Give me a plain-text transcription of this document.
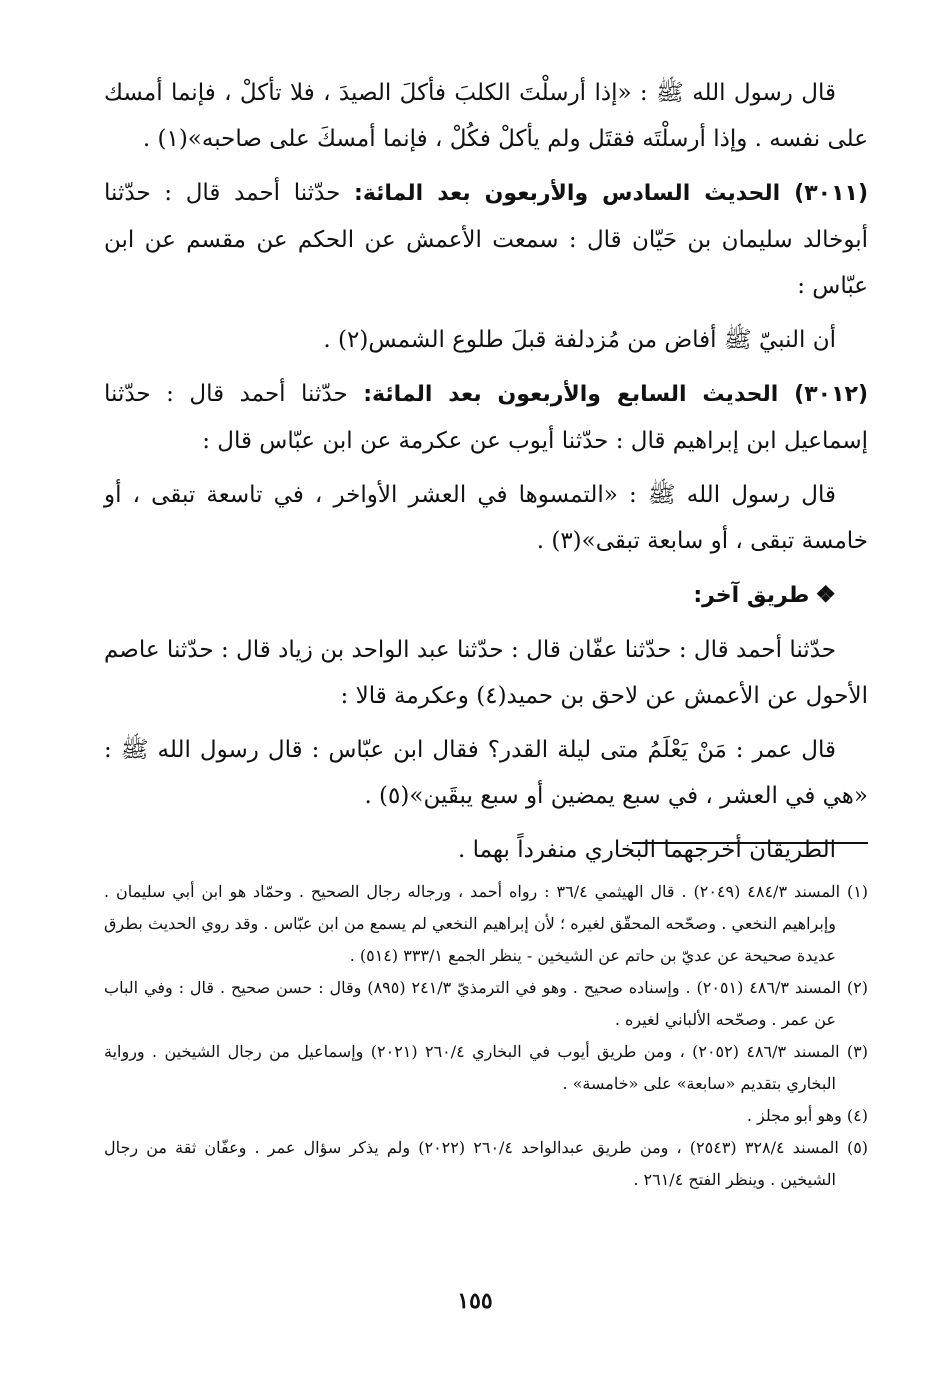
قال رسول الله ﷺ : «إذا أرسلْتَ الكلبَ فأكلَ الصيدَ ، فلا تأكلْ ، فإنما أمسك على نفسه . وإذا أرسلْتَه فقتَل ولم يأكلْ فكُلْ ، فإنما أمسكَ على صاحبه»(١) .

(٣٠١١) الحديث السادس والأربعون بعد المائة: حدّثنا أحمد قال : حدّثنا أبوخالد سليمان بن حَيّان قال : سمعت الأعمش عن الحكم عن مقسم عن ابن عبّاس :

أن النبيّ ﷺ أفاض من مُزدلفة قبلَ طلوع الشمس(٢) .

(٣٠١٢) الحديث السابع والأربعون بعد المائة: حدّثنا أحمد قال : حدّثنا إسماعيل ابن إبراهيم قال : حدّثنا أيوب عن عكرمة عن ابن عبّاس قال :

قال رسول الله ﷺ : «التمسوها في العشر الأواخر ، في تاسعة تبقى ، أو خامسة تبقى ، أو سابعة تبقى»(٣) .

❖طريق آخر:

حدّثنا أحمد قال : حدّثنا عفّان قال : حدّثنا عبد الواحد بن زياد قال : حدّثنا عاصم الأحول عن الأعمش عن لاحق بن حميد(٤) وعكرمة قالا :

قال عمر : مَنْ يَعْلَمُ متى ليلة القدر؟ فقال ابن عبّاس : قال رسول الله ﷺ : «هي في العشر ، في سبع يمضين أو سبع يبقَين»(٥) .

الطريقان أخرجهما البخاري منفرداً بهما .

(١) المسند ٤٨٤/٣ (٢٠٤٩) . قال الهيثمي ٣٦/٤ : رواه أحمد ، ورجاله رجال الصحيح . وحمّاد هو ابن أبي سليمان . وإبراهيم النخعي . وصحّحه المحقّق لغيره ؛ لأن إبراهيم النخعي لم يسمع من ابن عبّاس . وقد روي الحديث بطرق عديدة صحيحة عن عديّ بن حاتم عن الشيخين - ينظر الجمع ٣٣٣/١ (٥١٤) .

(٢) المسند ٤٨٦/٣ (٢٠٥١) . وإسناده صحيح . وهو في الترمذيّ ٢٤١/٣ (٨٩٥) وقال : حسن صحيح . قال : وفي الباب عن عمر . وصحّحه الألباني لغيره .

(٣) المسند ٤٨٦/٣ (٢٠٥٢) ، ومن طريق أيوب في البخاري ٢٦٠/٤ (٢٠٢١) وإسماعيل من رجال الشيخين . ورواية البخاري بتقديم «سابعة» على «خامسة» .

(٤) وهو أبو مجلز .

(٥) المسند ٣٢٨/٤ (٢٥٤٣) ، ومن طريق عبدالواحد ٢٦٠/٤ (٢٠٢٢) ولم يذكر سؤال عمر . وعفّان ثقة من رجال الشيخين . وينظر الفتح ٢٦١/٤ .

١٥٥
